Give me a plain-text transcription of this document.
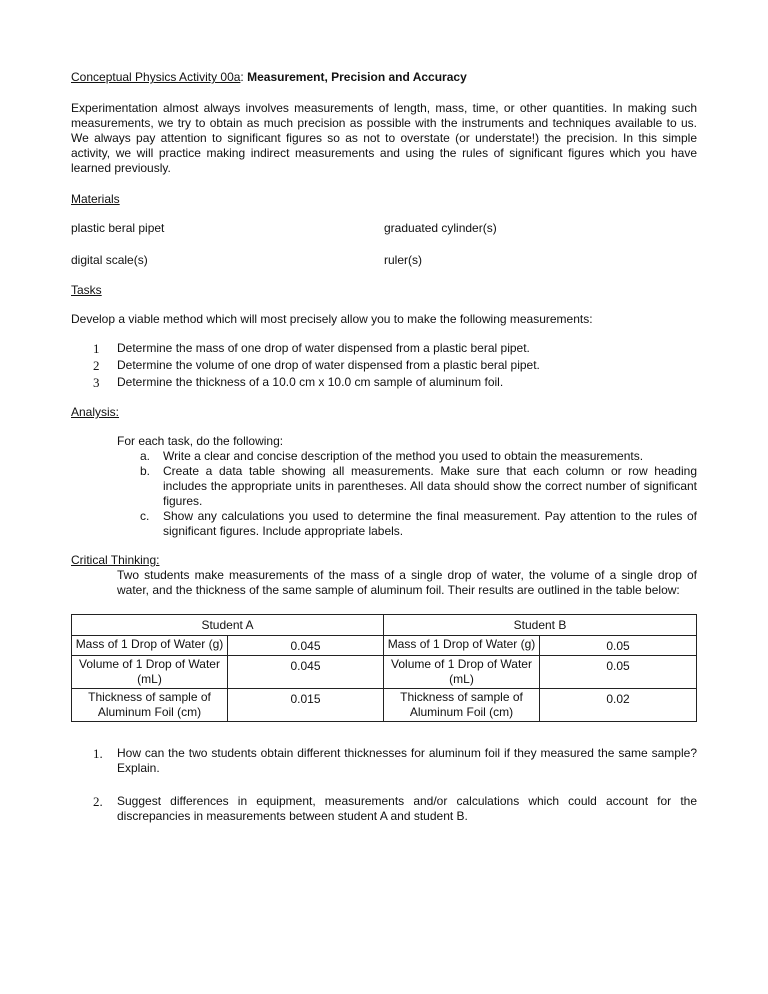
Conceptual Physics Activity 00a: Measurement, Precision and Accuracy

Experimentation almost always involves measurements of length, mass, time, or other quantities. In making such measurements, we try to obtain as much precision as possible with the instruments and techniques available to us. We always pay attention to significant figures so as not to overstate (or understate!) the precision. In this simple activity, we will practice making indirect measurements and using the rules of significant figures which you have learned previously.

Materials

plastic beral pipet	graduated cylinder(s)
digital scale(s)	ruler(s)

Tasks

Develop a viable method which will most precisely allow you to make the following measurements:

1	Determine the mass of one drop of water dispensed from a plastic beral pipet.
2	Determine the volume of one drop of water dispensed from a plastic beral pipet.
3	Determine the thickness of a 10.0 cm x 10.0 cm sample of aluminum foil.

Analysis:

For each task, do the following:

a.	Write a clear and concise description of the method you used to obtain the measurements.
b.	Create a data table showing all measurements. Make sure that each column or row heading includes the appropriate units in parentheses. All data should show the correct number of significant figures.
c.	Show any calculations you used to determine the final measurement. Pay attention to the rules of significant figures. Include appropriate labels.

Critical Thinking:

Two students make measurements of the mass of a single drop of water, the volume of a single drop of water, and the thickness of the same sample of aluminum foil. Their results are outlined in the table below:

Student A		Student B	
Mass of 1 Drop of Water (g)	0.045	Mass of 1 Drop of Water (g)	0.05
Volume of 1 Drop of Water (mL)	0.045	Volume of 1 Drop of Water (mL)	0.05
Thickness of sample of Aluminum Foil (cm)	0.015	Thickness of sample of Aluminum Foil (cm)	0.02
1.	How can the two students obtain different thicknesses for aluminum foil if they measured the same sample? Explain.
2.	Suggest differences in equipment, measurements and/or calculations which could account for the discrepancies in measurements between student A and student B.
